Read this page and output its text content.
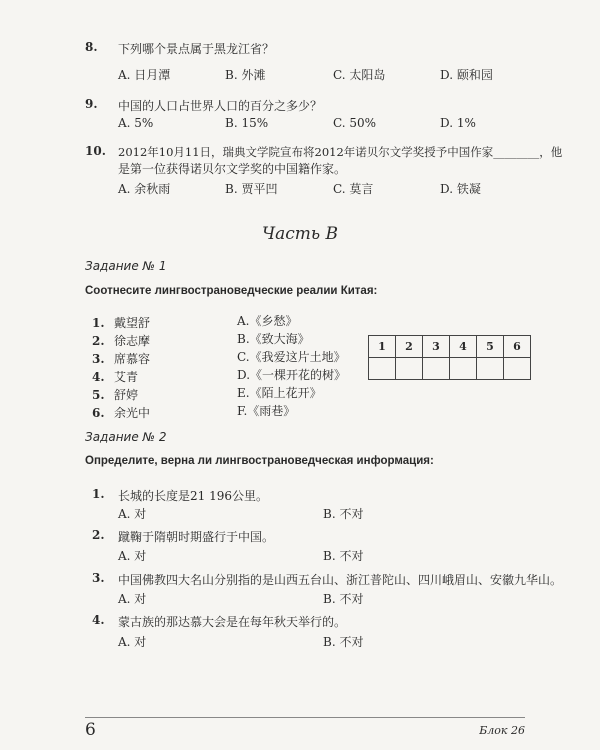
8. 下列哪个景点属于黑龙江省？
A. 日月潭	B. 外滩	C. 太阳岛	D. 颐和园
9. 中国的人口占世界人口的百分之多少？
A. 5%	B. 15%	C. 50%	D. 1%
10. 2012年10月11日，瑞典文学院宣布将2012年诺贝尔文学奖授予中国作家________，他
是第一位获得诺贝尔文学奖的中国籍作家。
A. 余秋雨	B. 贾平凹	C. 莫言	D. 铁凝
Часть B
Задание № 1
Соотнесите лингвострановедческие реалии Китая:
1. 戴望舒
2. 徐志摩
3. 席慕容
4. 艾青
5. 舒婷
6. 余光中
A.《乡愁》
B.《致大海》
C.《我爱这片土地》
D.《一棵开花的树》
E.《陌上花开》
F.《雨巷》
1	2	3	4	5	6

Задание № 2
Определите, верна ли лингвострановедческая информация:
1. 长城的长度是21 196公里。
A. 对	B. 不对
2. 蹴鞠于隋朝时期盛行于中国。
A. 对	B. 不对
3. 中国佛教四大名山分别指的是山西五台山、浙江普陀山、四川峨眉山、安徽九华山。
A. 对	B. 不对
4. 蒙古族的那达慕大会是在每年秋天举行的。
A. 对	B. 不对
6	Блок 26
